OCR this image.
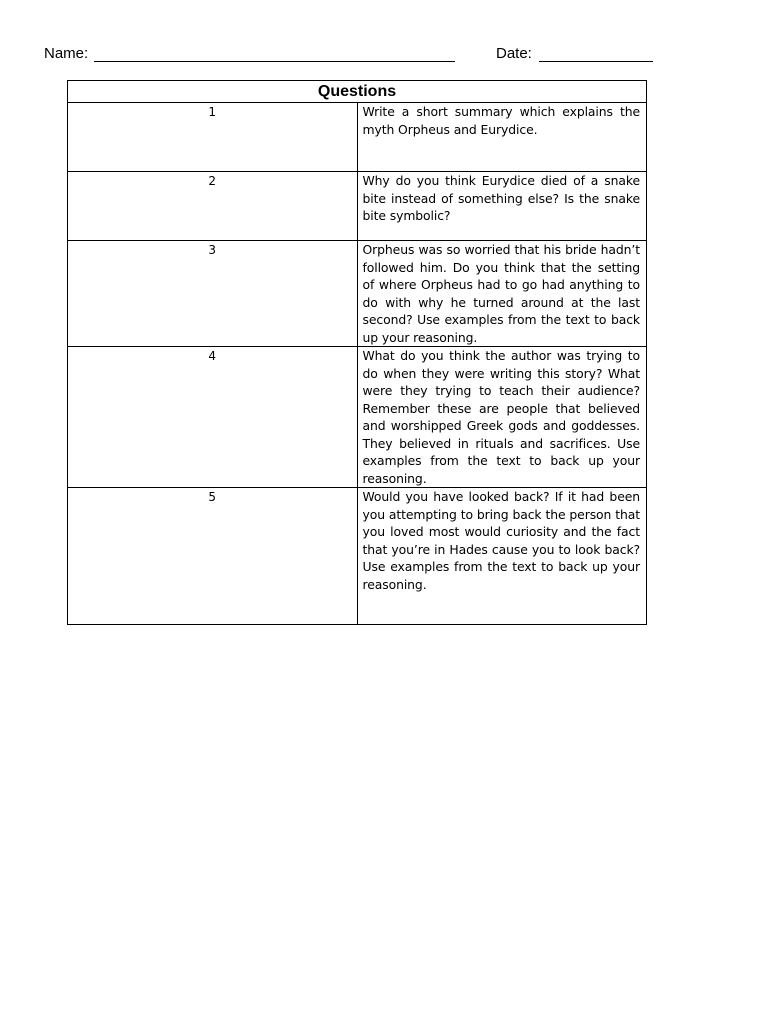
Name:	Date:
Questions	
1	Write a short summary which explains the myth Orpheus and Eurydice.
2	Why do you think Eurydice died of a snake bite instead of something else? Is the snake bite symbolic?
3	Orpheus was so worried that his bride hadn’t followed him. Do you think that the setting of where Orpheus had to go had anything to do with why he turned around at the last second? Use examples from the text to back up your reasoning.
4	What do you think the author was trying to do when they were writing this story? What were they trying to teach their audience? Remember these are people that believed and worshipped Greek gods and goddesses. They believed in rituals and sacrifices. Use examples from the text to back up your reasoning.
5	Would you have looked back? If it had been you attempting to bring back the person that you loved most would curiosity and the fact that you’re in Hades cause you to look back? Use examples from the text to back up your reasoning.
